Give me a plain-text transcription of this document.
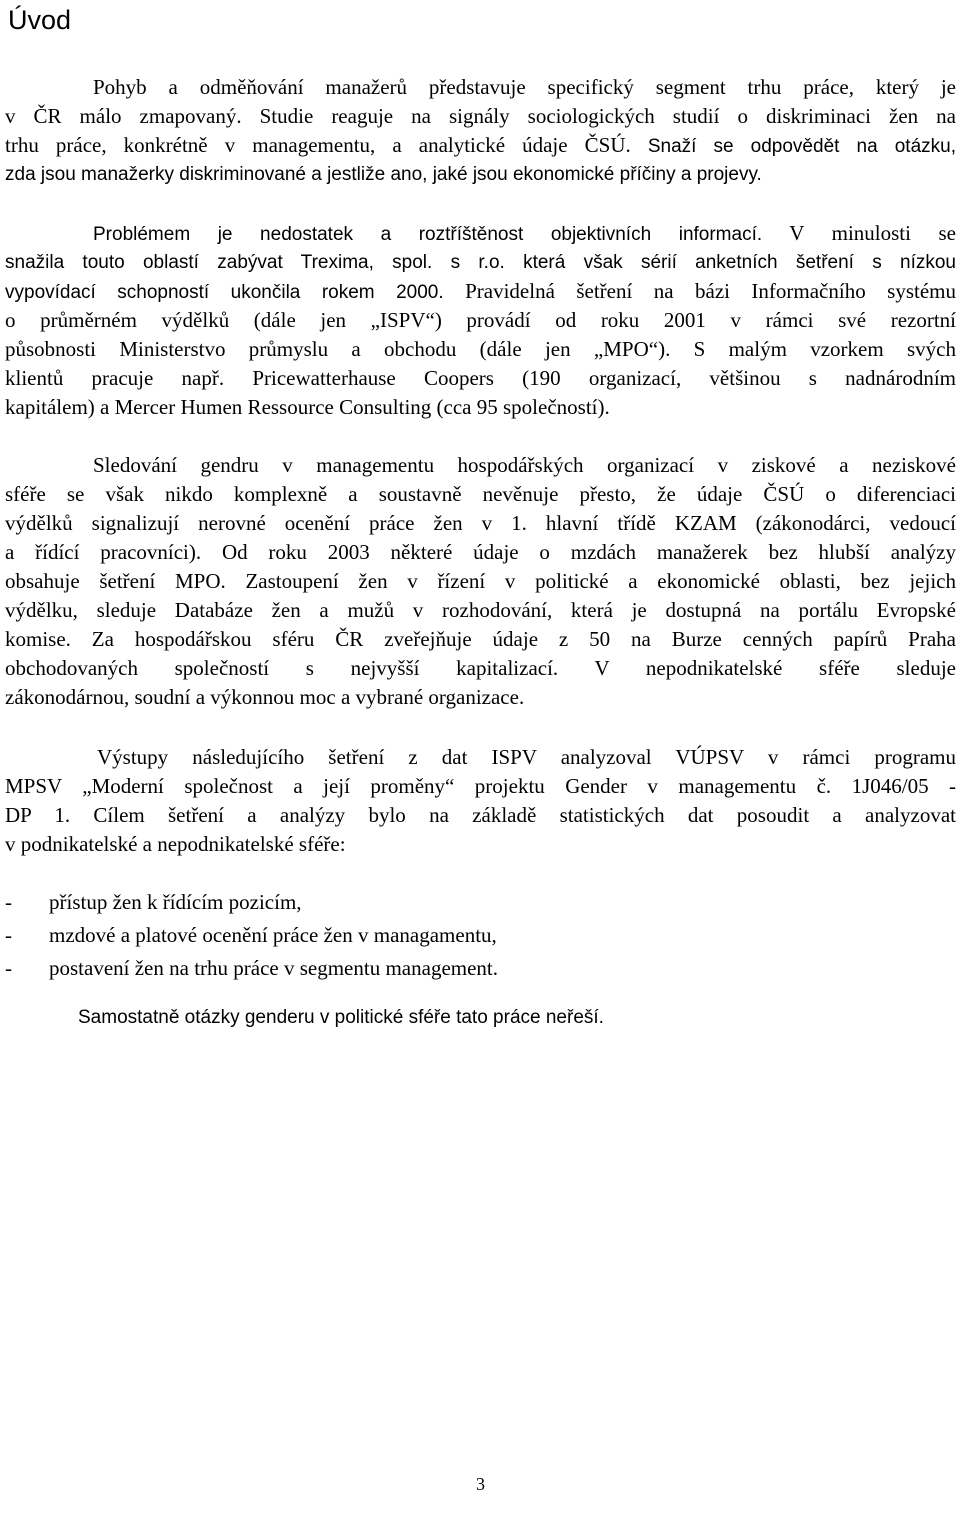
Úvod
Pohyb a odměňování manažerů představuje specifický segment trhu práce, který je
v ČR málo zmapovaný. Studie reaguje na signály sociologických studií o diskriminaci žen na
trhu práce, konkrétně v managementu, a analytické údaje ČSÚ. Snaží se odpovědět na otázku,
zda jsou manažerky diskriminované a jestliže ano, jaké jsou ekonomické příčiny a projevy.
Problémem je nedostatek a roztříštěnost objektivních informací. V minulosti se
snažila touto oblastí zabývat Trexima, spol. s r.o. která však sérií anketních šetření s nízkou
vypovídací schopností ukončila rokem 2000. Pravidelná šetření na bázi Informačního systému
o průměrném výdělků (dále jen „ISPV“) provádí od roku 2001 v rámci své rezortní
působnosti Ministerstvo průmyslu a obchodu (dále jen „MPO“). S malým vzorkem svých
klientů pracuje např. Pricewatterhause Coopers (190 organizací, většinou s nadnárodním
kapitálem) a Mercer Humen Ressource Consulting (cca 95 společností).
Sledování gendru v managementu hospodářských organizací v ziskové a neziskové
sféře se však nikdo komplexně a soustavně nevěnuje přesto, že údaje ČSÚ o diferenciaci
výdělků signalizují nerovné ocenění práce žen v 1. hlavní třídě KZAM (zákonodárci, vedoucí
a řídící pracovníci). Od roku 2003 některé údaje o mzdách manažerek bez hlubší analýzy
obsahuje šetření MPO. Zastoupení žen v řízení v politické a ekonomické oblasti, bez jejich
výdělku, sleduje Databáze žen a mužů v rozhodování, která je dostupná na portálu Evropské
komise. Za hospodářskou sféru ČR zveřejňuje údaje z 50 na Burze cenných papírů Praha
obchodovaných společností s nejvyšší kapitalizací. V nepodnikatelské sféře sleduje
zákonodárnou, soudní a výkonnou moc a vybrané organizace.
Výstupy následujícího šetření z dat ISPV analyzoval VÚPSV v rámci programu
MPSV „Moderní společnost a její proměny“ projektu Gender v managementu č. 1J046/05 -
DP 1. Cílem šetření a analýzy bylo na základě statistických dat posoudit a analyzovat
v podnikatelské a nepodnikatelské sféře:
- přístup žen k řídícím pozicím,
- mzdové a platové ocenění práce žen v managamentu,
- postavení žen na trhu práce v segmentu management.

Samostatně otázky genderu v politické sféře tato práce neřeší.

3
